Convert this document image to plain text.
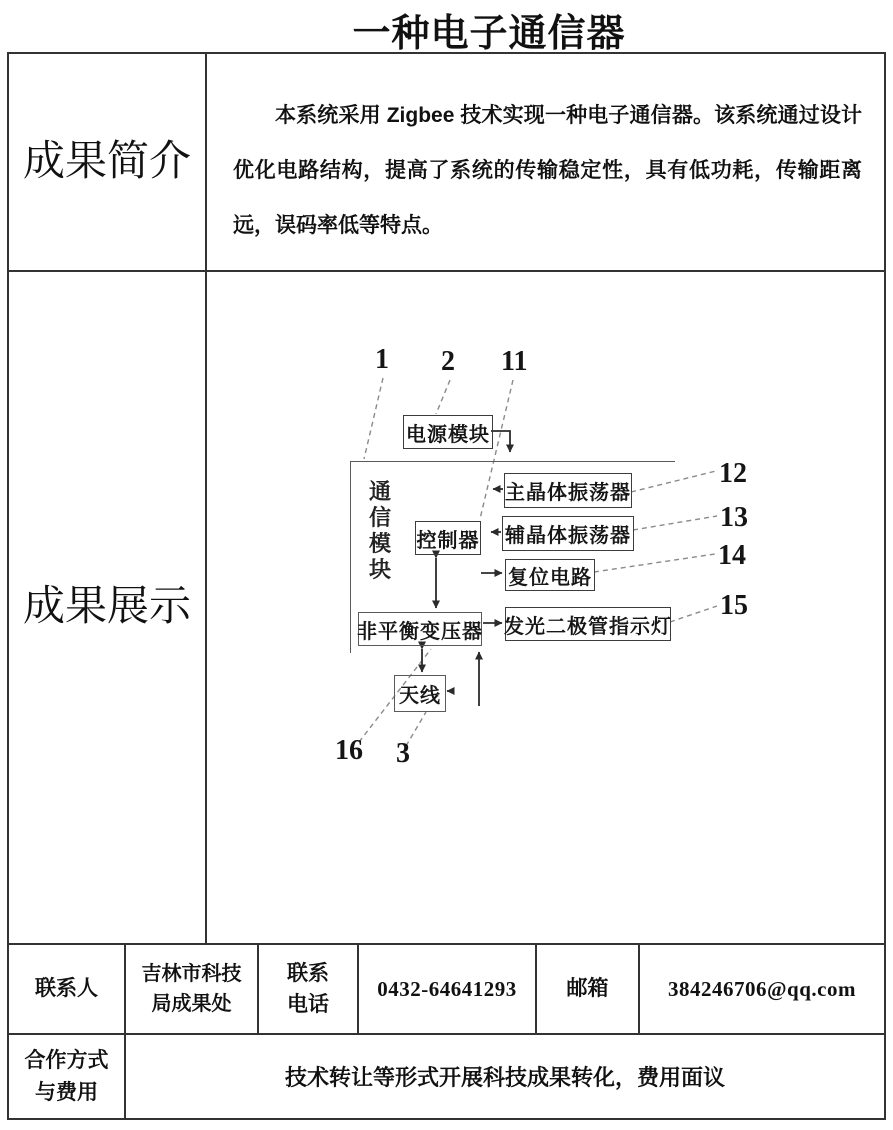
一种电子通信器
成果简介
本系统采用 Zigbee 技术实现一种电子通信器。该系统通过设计优化电路结构，提高了系统的传输稳定性，具有低功耗，传输距离远，误码率低等特点。
成果展示
1 2 11
12
13
14
15
16 3
通信模块
电源模块
控制器
主晶体振荡器
辅晶体振荡器
复位电路
发光二极管指示灯
非平衡变压器
天线
联系人
吉林市科技局成果处
联系电话
0432-64641293	邮箱	384246706@qq.com
合作方式与费用
技术转让等形式开展科技成果转化，费用面议
